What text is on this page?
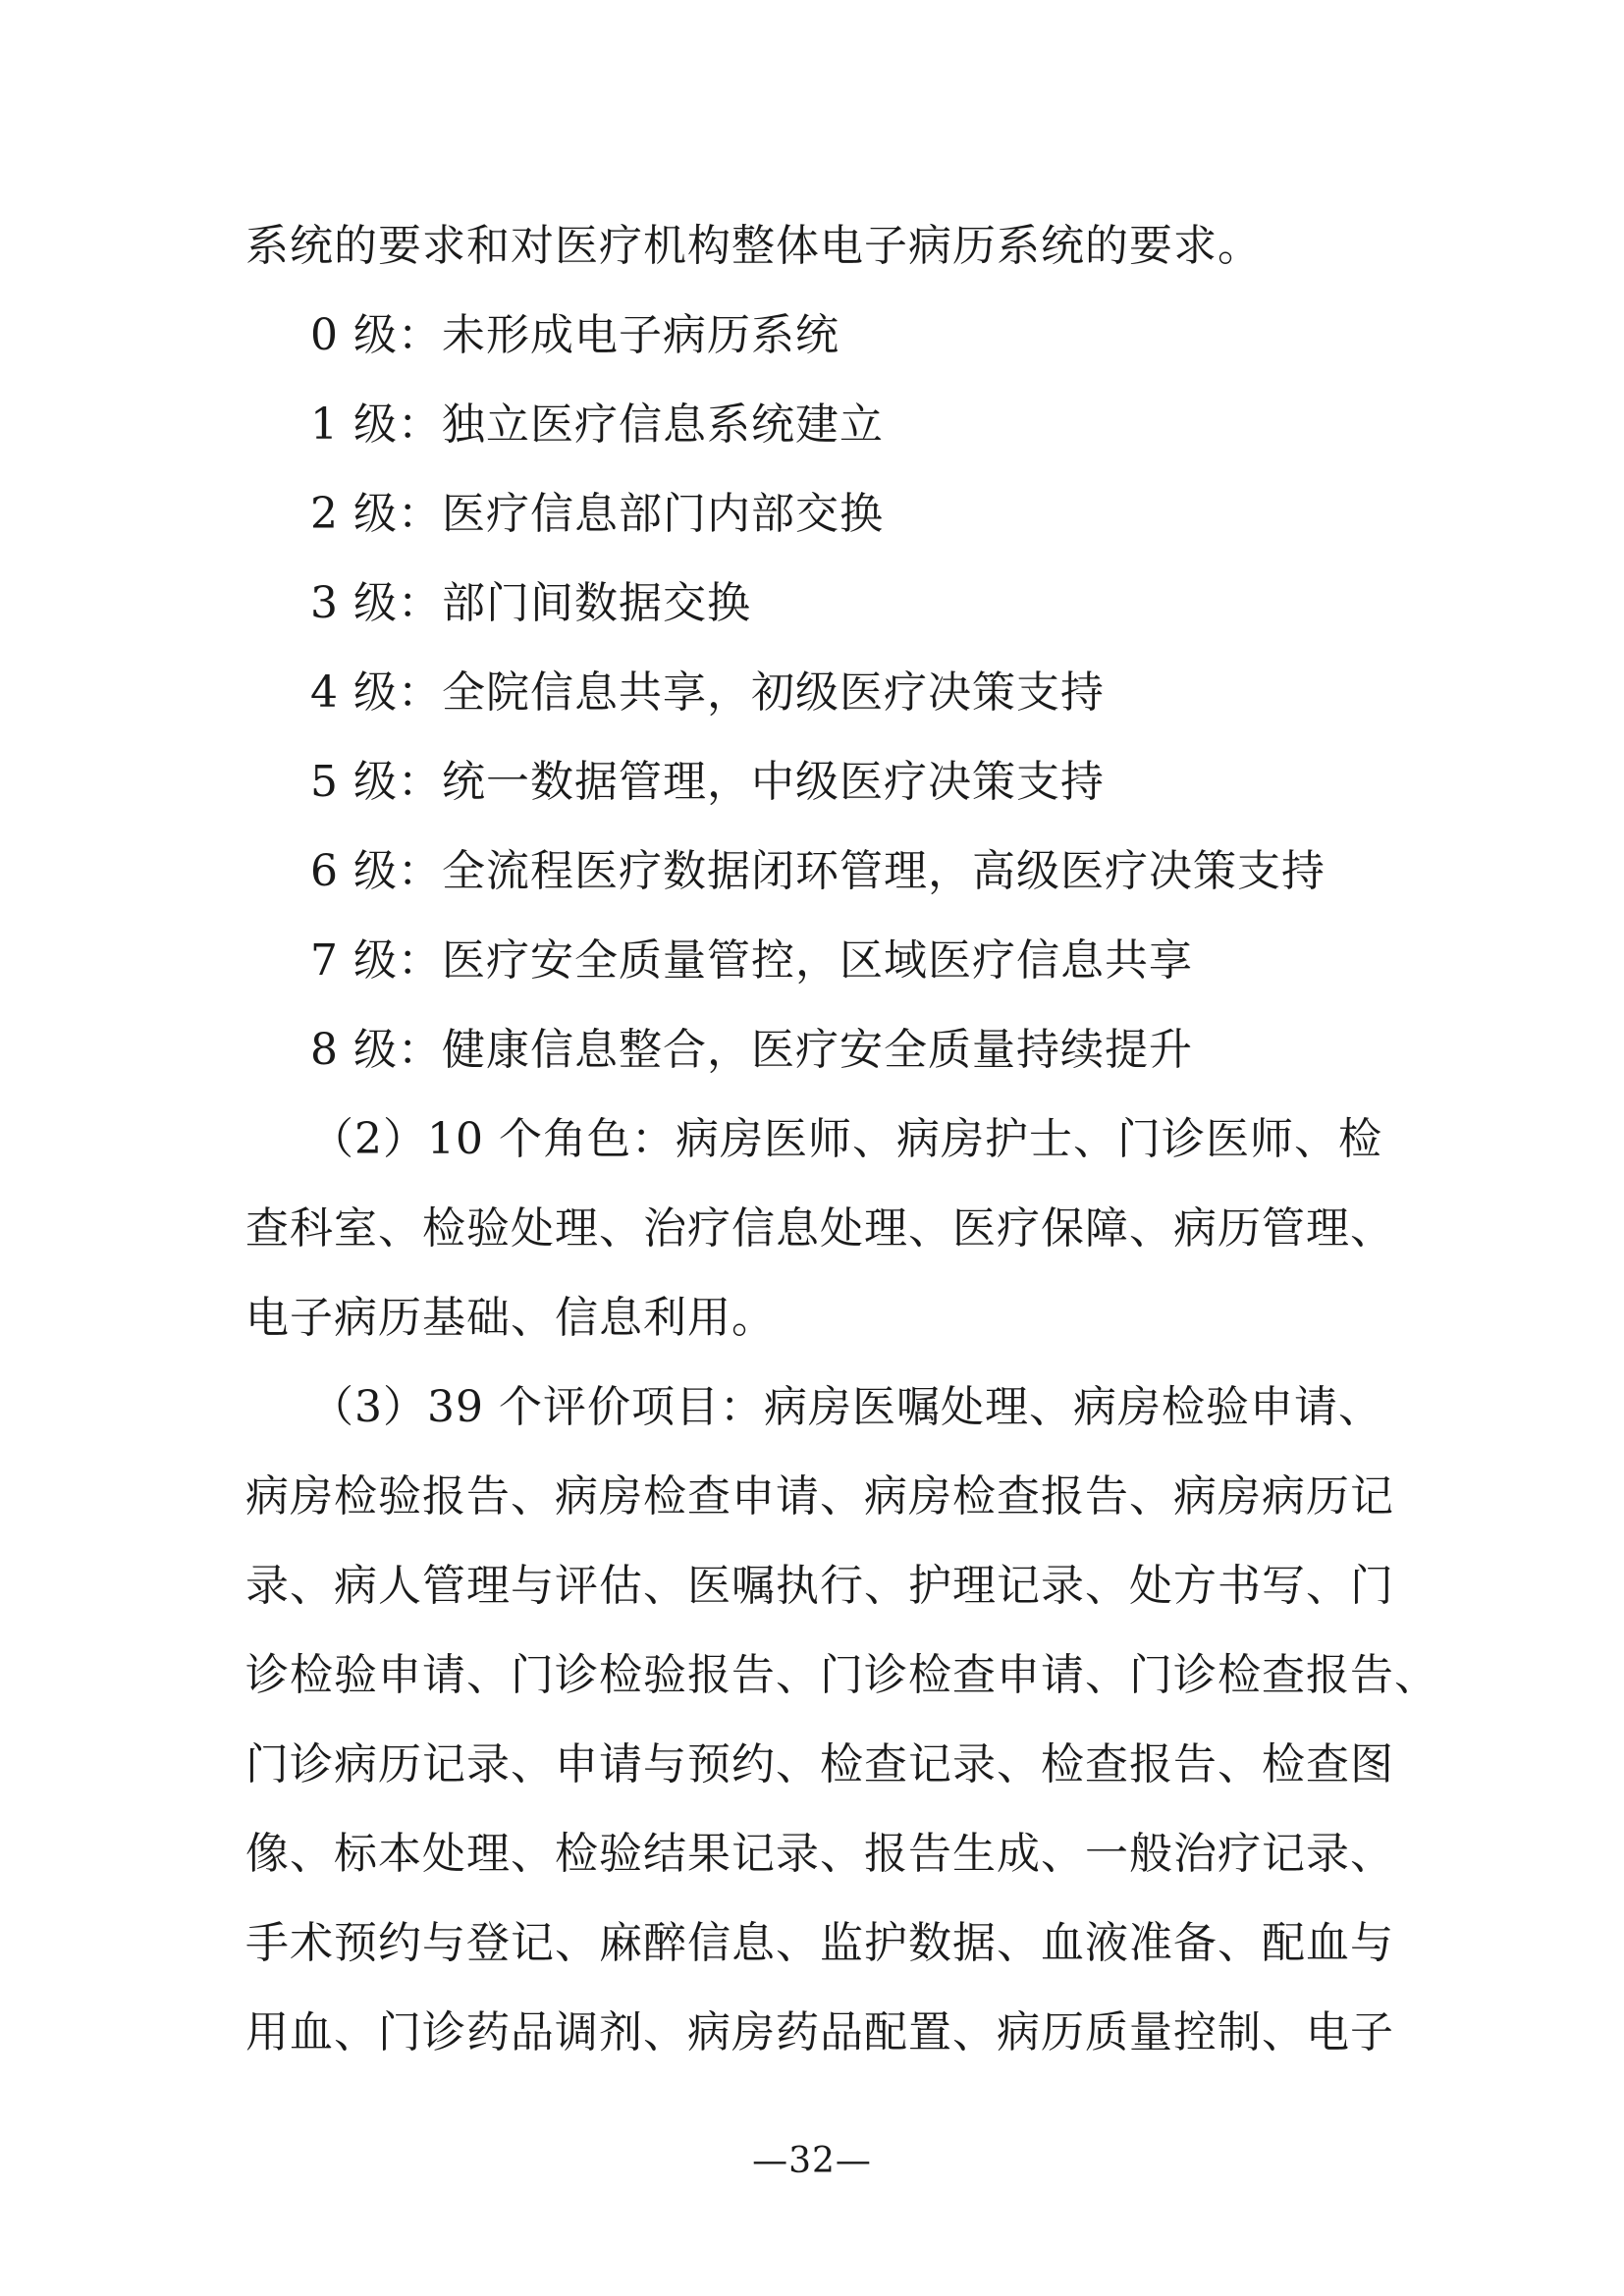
系统的要求和对医疗机构整体电子病历系统的要求。
0 级：未形成电子病历系统
1 级：独立医疗信息系统建立
2 级：医疗信息部门内部交换
3 级：部门间数据交换
4 级：全院信息共享，初级医疗决策支持
5 级：统一数据管理，中级医疗决策支持
6 级：全流程医疗数据闭环管理，高级医疗决策支持
7 级：医疗安全质量管控，区域医疗信息共享
8 级：健康信息整合，医疗安全质量持续提升
（2）10 个角色：病房医师、病房护士、门诊医师、检
查科室、检验处理、治疗信息处理、医疗保障、病历管理、
电子病历基础、信息利用。
（3）39 个评价项目：病房医嘱处理、病房检验申请、
病房检验报告、病房检查申请、病房检查报告、病房病历记
录、病人管理与评估、医嘱执行、护理记录、处方书写、门
诊检验申请、门诊检验报告、门诊检查申请、门诊检查报告、
门诊病历记录、申请与预约、检查记录、检查报告、检查图
像、标本处理、检验结果记录、报告生成、一般治疗记录、
手术预约与登记、麻醉信息、监护数据、血液准备、配血与
用血、门诊药品调剂、病房药品配置、病历质量控制、电子
—32—
